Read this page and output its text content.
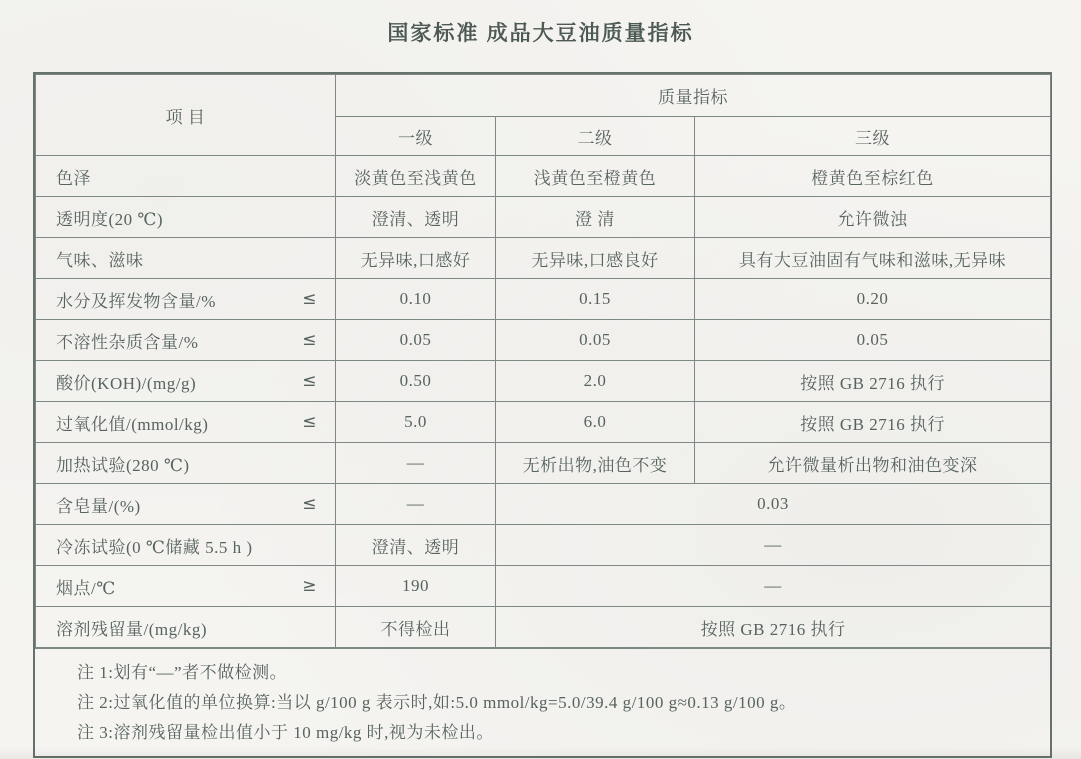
国家标准 成品大豆油质量指标
项 目	质量指标		
	一级	二级	三级

色泽	淡黄色至浅黄色	浅黄色至橙黄色	橙黄色至棕红色

透明度(20 ℃)	澄清、透明	澄 清	允许微浊

气味、滋味	无异味,口感好	无异味,口感良好	具有大豆油固有气味和滋味,无异味

水分及挥发物含量/% ≤	0.10	0.15	0.20

不溶性杂质含量/% ≤	0.05	0.05	0.05

酸价(KOH)/(mg/g) ≤	0.50	2.0	按照 GB 2716 执行

过氧化值/(mmol/kg) ≤	5.0	6.0	按照 GB 2716 执行

加热试验(280 ℃)	—	无析出物,油色不变	允许微量析出物和油色变深

含皂量/(%) ≤	—	0.03	

冷冻试验(0 ℃储藏 5.5 h )	澄清、透明	—	

烟点/℃ ≥	190	—	

溶剂残留量/(mg/kg)	不得检出	按照 GB 2716 执行	
注 1:划有“—”者不做检测。
注 2:过氧化值的单位换算:当以 g/100 g 表示时,如:5.0 mmol/kg=5.0/39.4 g/100 g≈0.13 g/100 g。
注 3:溶剂残留量检出值小于 10 mg/kg 时,视为未检出。
